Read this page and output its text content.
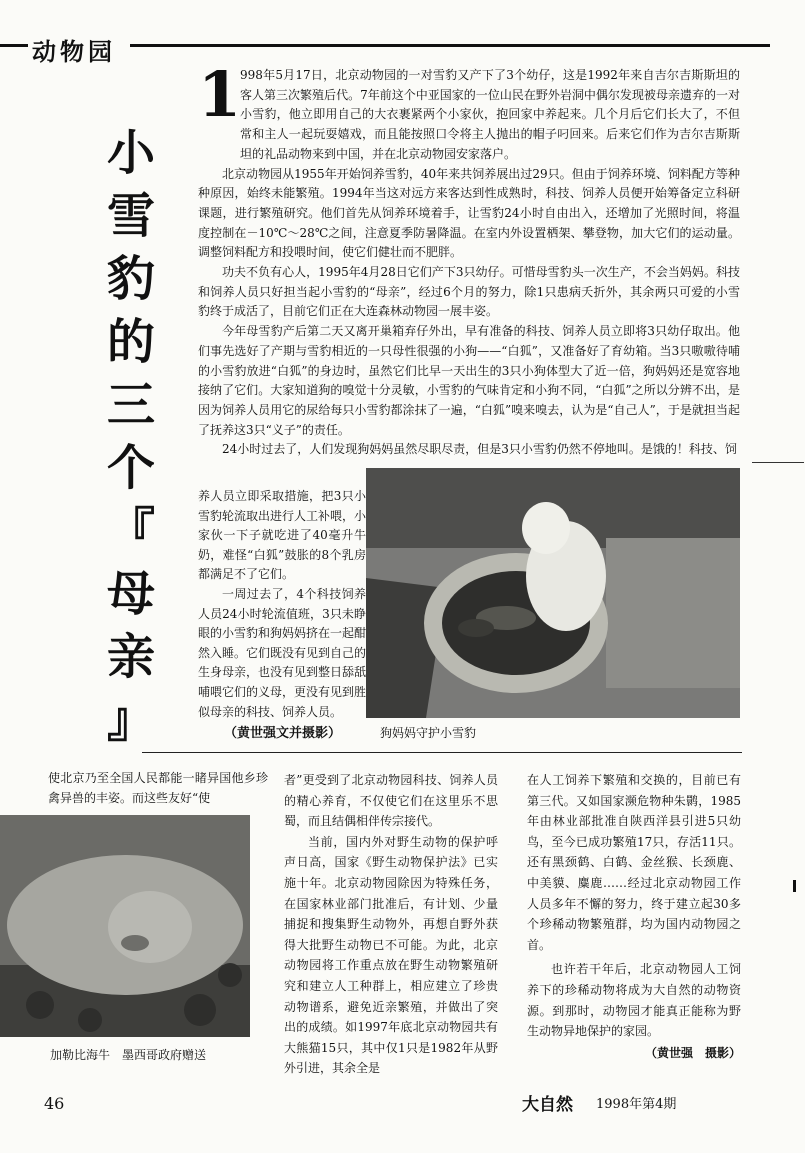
动物园
小
雪
豹
的
三
个
『
母
亲
』
1

998年5月17日，北京动物园的一对雪豹又产下了3个幼仔，这是1992年来自吉尔吉斯斯坦的客人第三次繁殖后代。7年前这个中亚国家的一位山民在野外岩洞中偶尔发现被母亲遗弃的一对小雪豹，他立即用自己的大衣裹紧两个小家伙，抱回家中养起来。几个月后它们长大了，不但常和主人一起玩耍嬉戏，而且能按照口令将主人抛出的帽子叼回来。后来它们作为吉尔吉斯斯坦的礼品动物来到中国，并在北京动物园安家落户。

北京动物园从1955年开始饲养雪豹，40年来共饲养展出过29只。但由于饲养环境、饲料配方等种种原因，始终未能繁殖。1994年当这对远方来客达到性成熟时，科技、饲养人员便开始筹备定立科研课题，进行繁殖研究。他们首先从饲养环境着手，让雪豹24小时自由出入，还增加了光照时间，将温度控制在－10℃～28℃之间，注意夏季防暑降温。在室内外设置栖架、攀登物，加大它们的运动量。调整饲料配方和投喂时间，使它们健壮而不肥胖。

功夫不负有心人，1995年4月28日它们产下3只幼仔。可惜母雪豹头一次生产，不会当妈妈。科技和饲养人员只好担当起小雪豹的“母亲”，经过6个月的努力，除1只患病夭折外，其余两只可爱的小雪豹终于成活了，目前它们正在大连森林动物园一展丰姿。

今年母雪豹产后第二天又离开巢箱弃仔外出，早有准备的科技、饲养人员立即将3只幼仔取出。他们事先选好了产期与雪豹相近的一只母性很强的小狗——“白狐”，又准备好了育幼箱。当3只嗷嗷待哺的小雪豹放进“白狐”的身边时，虽然它们比早一天出生的3只小狗体型大了近一倍，狗妈妈还是宽容地接纳了它们。大家知道狗的嗅觉十分灵敏，小雪豹的气味肯定和小狗不同，“白狐”之所以分辨不出，是因为饲养人员用它的尿给每只小雪豹都涂抹了一遍，“白狐”嗅来嗅去，认为是“自己人”，于是就担当起了抚养这3只“义子”的责任。

24小时过去了，人们发现狗妈妈虽然尽职尽责，但是3只小雪豹仍然不停地叫。是饿的！科技、饲

养人员立即采取措施，把3只小雪豹轮流取出进行人工补喂，小家伙一下子就吃进了40毫升牛奶，难怪“白狐”鼓胀的8个乳房都满足不了它们。

一周过去了，4个科技饲养人员24小时轮流值班，3只未睁眼的小雪豹和狗妈妈挤在一起酣然入睡。它们既没有见到自己的生身母亲，也没有见到整日舔舐哺喂它们的义母，更没有见到胜似母亲的科技、饲养人员。

（黄世强文并摄影）	狗妈妈守护小雪豹

使北京乃至全国人民都能一睹异国他乡珍禽异兽的丰姿。而这些友好“使

加勒比海牛　墨西哥政府赠送

者”更受到了北京动物园科技、饲养人员的精心养育，不仅使它们在这里乐不思蜀，而且结偶相伴传宗接代。

当前，国内外对野生动物的保护呼声日高，国家《野生动物保护法》已实施十年。北京动物园除因为特殊任务，在国家林业部门批准后，有计划、少量捕捉和搜集野生动物外，再想自野外获得大批野生动物已不可能。为此，北京动物园将工作重点放在野生动物繁殖研究和建立人工种群上，相应建立了珍贵动物谱系，避免近亲繁殖，并做出了突出的成绩。如1997年底北京动物园共有大熊猫15只，其中仅1只是1982年从野外引进，其余全是

在人工饲养下繁殖和交换的，目前已有第三代。又如国家濒危物种朱鹮，1985年由林业部批准自陕西洋县引进5只幼鸟，至今已成功繁殖17只，存活11只。还有黑颈鹤、白鹤、金丝猴、长颈鹿、中美貘、麋鹿……经过北京动物园工作人员多年不懈的努力，终于建立起30多个珍稀动物繁殖群，均为国内动物园之首。

也许若干年后，北京动物园人工饲养下的珍稀动物将成为大自然的动物资源。到那时，动物园才能真正能称为野生动物异地保护的家园。

（黄世强　摄影）

46	大自然 1998年第4期
